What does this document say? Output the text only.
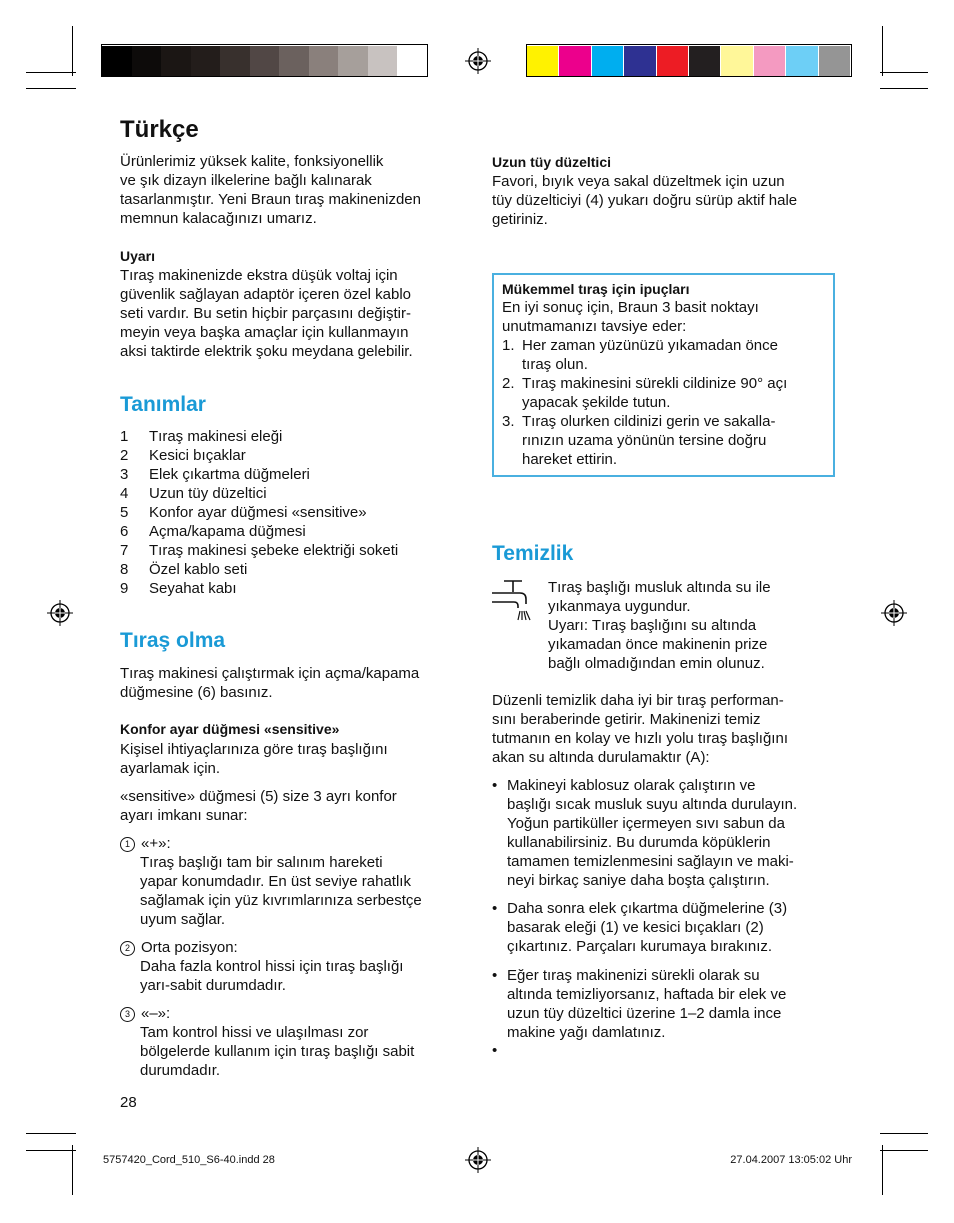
Türkçe

Ürünlerimiz yüksek kalite, fonksiyonellik

ve şık dizayn ilkelerine bağlı kalınarak

tasarlanmıştır. Yeni Braun tıraş makinenizden

memnun kalacağınızı umarız.

Uyarı

Tıraş makinenizde ekstra düşük voltaj için

güvenlik sağlayan adaptör içeren özel kablo

seti vardır. Bu setin hiçbir parçasını değiştir-

meyin veya başka amaçlar için kullanmayın

aksi taktirde elektrik şoku meydana gelebilir.

Tanımlar
1	Tıraş makinesi eleği
2	Kesici bıçaklar
3	Elek çıkartma düğmeleri
4	Uzun tüy düzeltici
5	Konfor ayar düğmesi «sensitive»
6	Açma/kapama düğmesi
7	Tıraş makinesi şebeke elektriği soketi
8	Özel kablo seti
9	Seyahat kabı
Tıraş olma

Tıraş makinesi çalıştırmak için açma/kapama

düğmesine (6) basınız.

Konfor ayar düğmesi «sensitive»

Kişisel ihtiyaçlarınıza göre tıraş başlığını

ayarlamak için.

«sensitive» düğmesi (5) size 3 ayrı konfor

ayarı imkanı sunar:

1 «+»:

Tıraş başlığı tam bir salınım hareketi

yapar konumdadır. En üst seviye rahatlık

sağlamak için yüz kıvrımlarınıza serbestçe

uyum sağlar.

2 Orta pozisyon:

Daha fazla kontrol hissi için tıraş başlığı

yarı-sabit durumdadır.

3 «–»:

Tam kontrol hissi ve ulaşılması zor

bölgelerde kullanım için tıraş başlığı sabit

durumdadır.

28
Uzun tüy düzeltici

Favori, bıyık veya sakal düzeltmek için uzun

tüy düzelticiyi (4) yukarı doğru sürüp aktif hale

getiriniz.

Mükemmel tıraş için ipuçları

En iyi sonuç için, Braun 3 basit noktayı

unutmamanızı tavsiye eder:

1. Her zaman yüzünüzü yıkamadan önce

tıraş olun.

2. Tıraş makinesini sürekli cildinize 90° açı

yapacak şekilde tutun.

3. Tıraş olurken cildinizi gerin ve sakalla-

rınızın uzama yönünün tersine doğru

hareket ettirin.

Temizlik

Tıraş başlığı musluk altında su ile

yıkanmaya uygundur.

Uyarı: Tıraş başlığını su altında

yıkamadan önce makinenin prize

bağlı olmadığından emin olunuz.

Düzenli temizlik daha iyi bir tıraş performan-

sını beraberinde getirir. Makinenizi temiz

tutmanın en kolay ve hızlı yolu tıraş başlığını

akan su altında durulamaktır (A):

• Makineyi kablosuz olarak çalıştırın ve

başlığı sıcak musluk suyu altında durulayın.

Yoğun partiküller içermeyen sıvı sabun da

kullanabilirsiniz. Bu durumda köpüklerin

tamamen temizlenmesini sağlayın ve maki-

neyi birkaç saniye daha boşta çalıştırın.

• Daha sonra elek çıkartma düğmelerine (3)

basarak eleği (1) ve kesici bıçakları (2)

çıkartınız. Parçaları kurumaya bırakınız.

• Eğer tıraş makinenizi sürekli olarak su

altında temizliyorsanız, haftada bir elek ve

uzun tüy düzeltici üzerine 1–2 damla ince

makine yağı damlatınız.

•
5757420_Cord_510_S6-40.indd 28	27.04.2007 13:05:02 Uhr
